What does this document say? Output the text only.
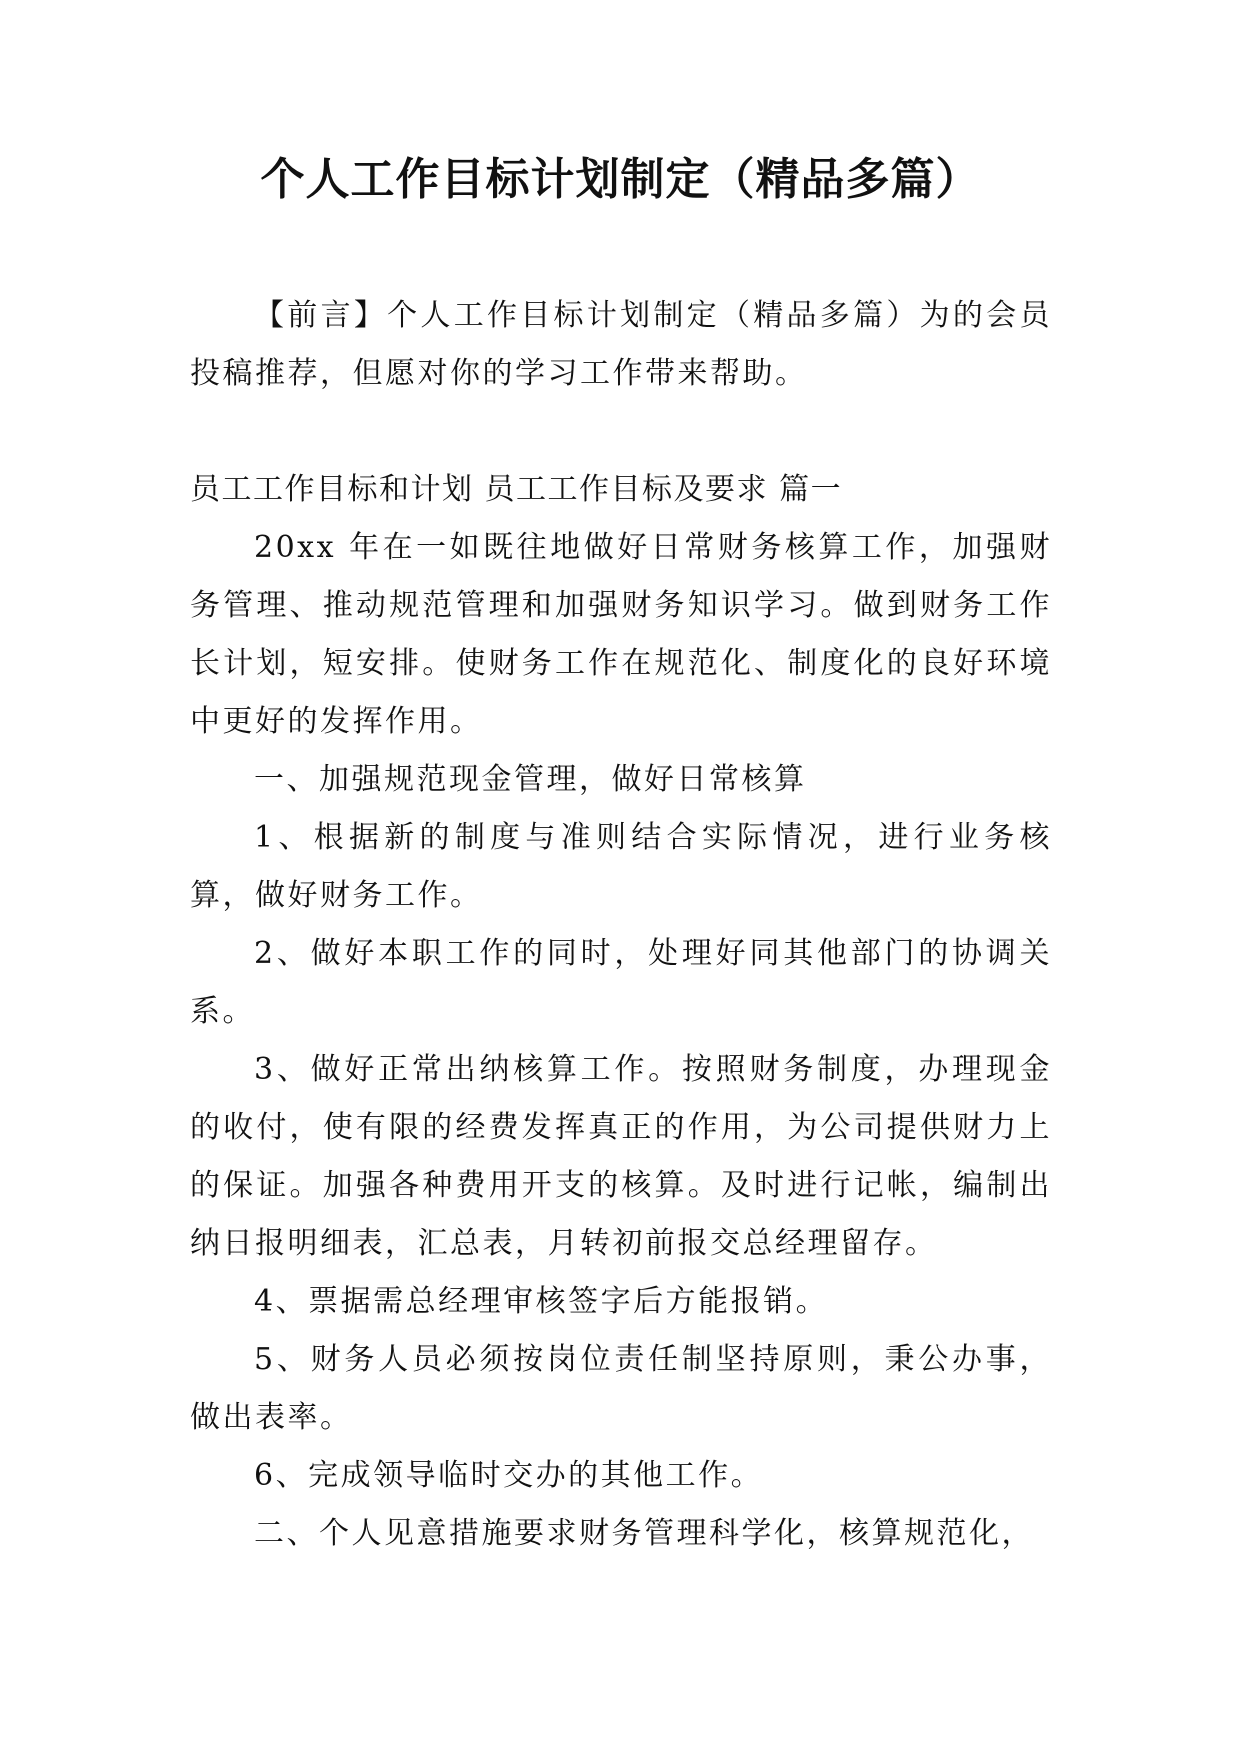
个人工作目标计划制定（精品多篇）

【前言】个人工作目标计划制定（精品多篇）为的会员投稿推荐，但愿对你的学习工作带来帮助。

员工工作目标和计划 员工工作目标及要求 篇一

20xx 年在一如既往地做好日常财务核算工作，加强财务管理、推动规范管理和加强财务知识学习。做到财务工作长计划，短安排。使财务工作在规范化、制度化的良好环境中更好的发挥作用。

一、加强规范现金管理，做好日常核算

1、根据新的制度与准则结合实际情况，进行业务核算，做好财务工作。

2、做好本职工作的同时，处理好同其他部门的协调关系。

3、做好正常出纳核算工作。按照财务制度，办理现金的收付，使有限的经费发挥真正的作用，为公司提供财力上的保证。加强各种费用开支的核算。及时进行记帐，编制出纳日报明细表，汇总表，月转初前报交总经理留存。

4、票据需总经理审核签字后方能报销。

5、财务人员必须按岗位责任制坚持原则，秉公办事，做出表率。

6、完成领导临时交办的其他工作。

二、个人见意措施要求财务管理科学化，核算规范化，
